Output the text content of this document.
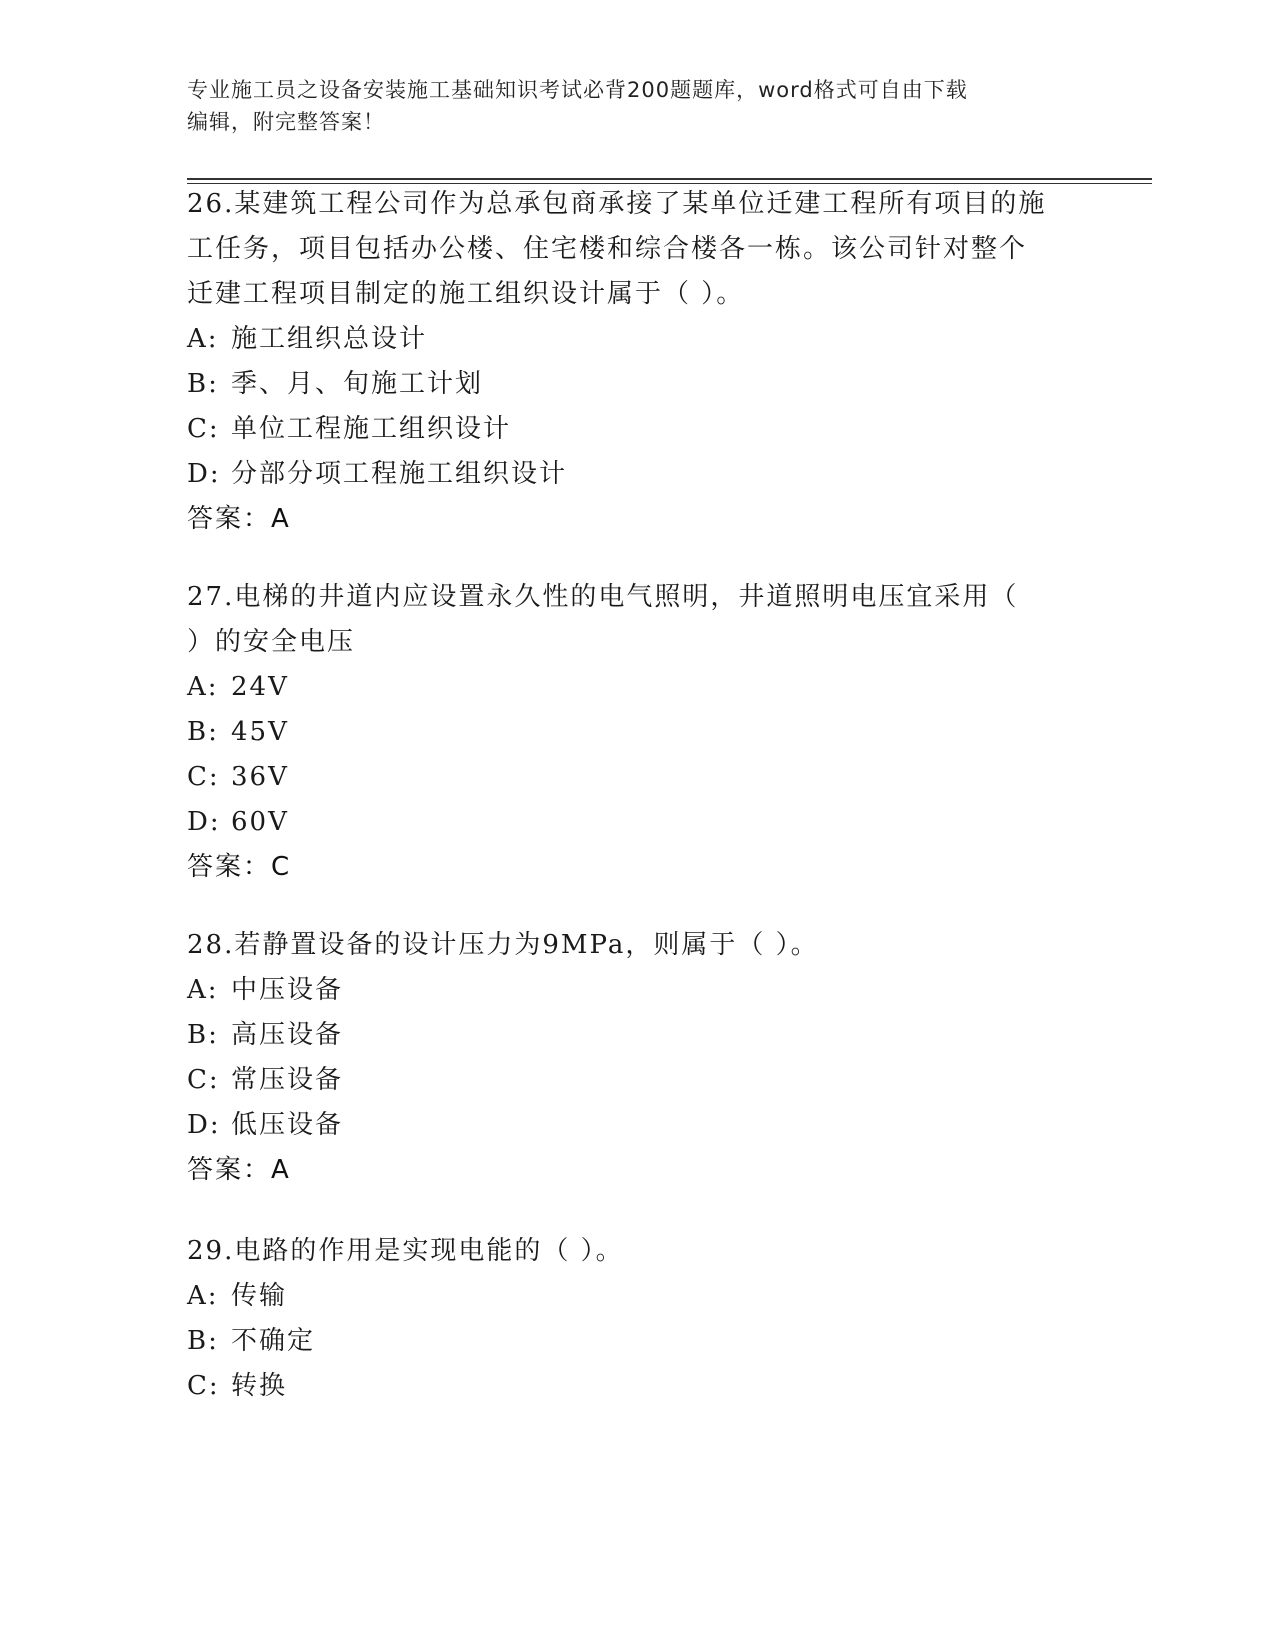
专业施工员之设备安装施工基础知识考试必背200题题库，word格式可自由下载
编辑，附完整答案！
26.某建筑工程公司作为总承包商承接了某单位迁建工程所有项目的施
工任务，项目包括办公楼、住宅楼和综合楼各一栋。该公司针对整个
迁建工程项目制定的施工组织设计属于（ ）。
A: 施工组织总设计
B: 季、月、旬施工计划
C: 单位工程施工组织设计
D: 分部分项工程施工组织设计
答案：A
27.电梯的井道内应设置永久性的电气照明，井道照明电压宜采用（
）的安全电压
A: 24V
B: 45V
C: 36V
D: 60V
答案：C
28.若静置设备的设计压力为9MPa，则属于（ ）。
A: 中压设备
B: 高压设备
C: 常压设备
D: 低压设备
答案：A
29.电路的作用是实现电能的（ ）。
A: 传输
B: 不确定
C: 转换
